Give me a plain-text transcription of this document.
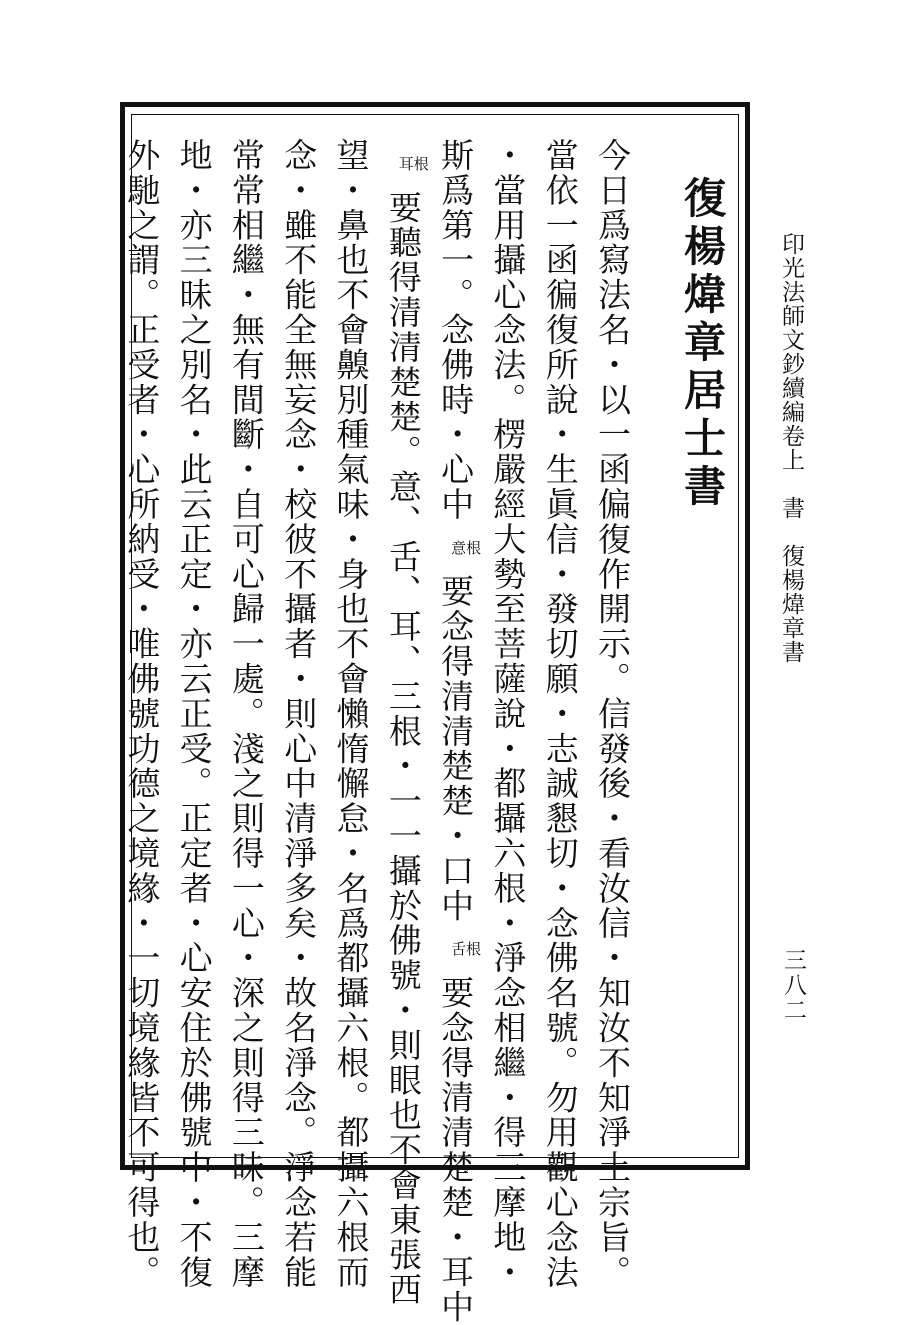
印光法師文鈔續編卷上　書　復楊煒章書
三八二
復楊煒章居士書
今日爲寫法名・以一函偏復作開示。信發後・看汝信・知汝不知淨土宗旨。
當依一函徧復所說・生眞信・發切願・志誠懇切・念佛名號。勿用觀心念法
・當用攝心念法。楞嚴經大勢至菩薩說・都攝六根・淨念相繼・得三摩地・
斯爲第一。念佛時・心中意根要念得清清楚楚・口中舌根要念得清清楚楚・耳中
耳根要聽得清清楚楚。意、舌、耳、三根・一一攝於佛號・則眼也不會東張西
望・鼻也不會齅別種氣味・身也不會懶惰懈怠・名爲都攝六根。都攝六根而
念・雖不能全無妄念・校彼不攝者・則心中清淨多矣・故名淨念。淨念若能
常常相繼・無有間斷・自可心歸一處。淺之則得一心・深之則得三昧。三摩
地・亦三昧之別名・此云正定・亦云正受。正定者・心安住於佛號中・不復
外馳之謂。正受者・心所納受・唯佛號功德之境緣・一切境緣皆不可得也。
